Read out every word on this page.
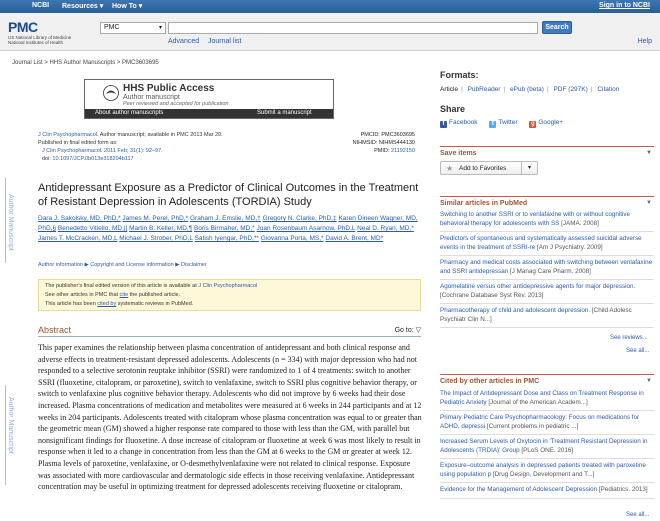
NCBI Resources ▾ How To ▾	Sign in to NCBI
PMC
US National Library of Medicine
National Institutes of Health
PMC	▾	Search
Advanced Journal list	Help
Journal List > HHS Author Manuscripts > PMC3603695
Author Manuscript
Author Manuscript
HHS Public Access
Author manuscript
Peer reviewed and accepted for publication
About author manuscripts	Submit a manuscript
J Clin Psychopharmacol. Author manuscript; available in PMC 2013 Mar 20.
Published in final edited form as:
J Clin Psychopharmacol. 2011 Feb; 31(1): 92–97.
doi: 10.1097/JCP.0b013e318204b117
PMCID: PMC3603695
NIHMSID: NIHMS444130
PMID: 21192150
Antidepressant Exposure as a Predictor of Clinical Outcomes in the Treatment of Resistant Depression in Adolescents (TORDIA) Study
Dara J. Sakolsky, MD, PhD,* James M. Perel, PhD,* Graham J. Emslie, MD,† Gregory N. Clarke, PhD,‡ Karen Dineen Wagner, MD, PhD,§ Benedetto Vitiello, MD,|| Martin B. Keller, MD,¶ Boris Birmaher, MD,* Joan Rosenbaum Asarnow, PhD,L Neal D. Ryan, MD,* James T. McCracken, MD,L Michael J. Strober, PhD,L Satish Iyengar, PhD,** Giovanna Porta, MS,* David A. Brent, MD*
Author information ▶ Copyright and License information ▶ Disclaimer
The publisher's final edited version of this article is available at J Clin Psychopharmacol
See other articles in PMC that cite the published article.
This article has been cited by systematic reviews in PubMed.
Abstract	Go to: ▽

This paper examines the relationship between plasma concentration of antidepressant and both clinical response and adverse effects in treatment-resistant depressed adolescents. Adolescents (n = 334) with major depression who had not responded to a selective serotonin reuptake inhibitor (SSRI) were randomized to 1 of 4 treatments: switch to another SSRI (fluoxetine, citalopram, or paroxetine), switch to venlafaxine, switch to SSRI plus cognitive behavior therapy, or switch to venlafaxine plus cognitive behavior therapy. Adolescents who did not improve by 6 weeks had their dose increased. Plasma concentrations of medication and metabolites were measured at 6 weeks in 244 participants and at 12 weeks in 204 participants. Adolescents treated with citalopram whose plasma concentration was equal to or greater than the geometric mean (GM) showed a higher response rate compared to those with less than the GM, with parallel but nonsignificant findings for fluoxetine. A dose increase of citalopram or fluoxetine at week 6 was most likely to result in response when it led to a change in concentration from less than the GM at 6 weeks to the GM or greater at week 12. Plasma levels of paroxetine, venlafaxine, or O-desmethylvenlafaxine were not related to clinical response. Exposure was associated with more cardiovascular and dermatologic side effects in those receiving venlafaxine. Antidepressant concentration may be useful in optimizing treatment for depressed adolescents receiving fluoxetine or citalopram.

Formats:
Article | PubReader | ePub (beta) | PDF (297K) | Citation
Share
f Facebook t Twitter g Google+
Save items	▼
★ Add to Favorites	▾
Similar articles in PubMed	▼
Switching to another SSRI or to venlafaxine with or without cognitive behavioral therapy for adolescents with SS [JAMA. 2008]
Predictors of spontaneous and systematically assessed suicidal adverse events in the treatment of SSRI-re [Am J Psychiatry. 2009]
Pharmacy and medical costs associated with switching between venlafaxine and SSRI antidepressan [J Manag Care Pharm. 2008]
Agomelatine versus other antidepressive agents for major depression. [Cochrane Database Syst Rev. 2013]
Pharmacotherapy of child and adolescent depression. [Child Adolesc Psychiatr Clin N...]
See reviews...
See all...
Cited by other articles in PMC	▼
The Impact of Antidepressant Dose and Class on Treatment Response in Pediatric Anxiety [Journal of the American Academ...]
Primary Pediatric Care Psychopharmacology: Focus on medications for ADHD, depressi [Current problems in pediatric ...]
Increased Serum Levels of Oxytocin in 'Treatment Resistant Depression in Adolescents (TRDIA)' Group [PLoS ONE. 2016]
Exposure–outcome analysis in depressed patients treated with paroxetine using population p [Drug Design, Development and T...]
Evidence for the Management of Adolescent Depression [Pediatrics. 2013]
See all...
